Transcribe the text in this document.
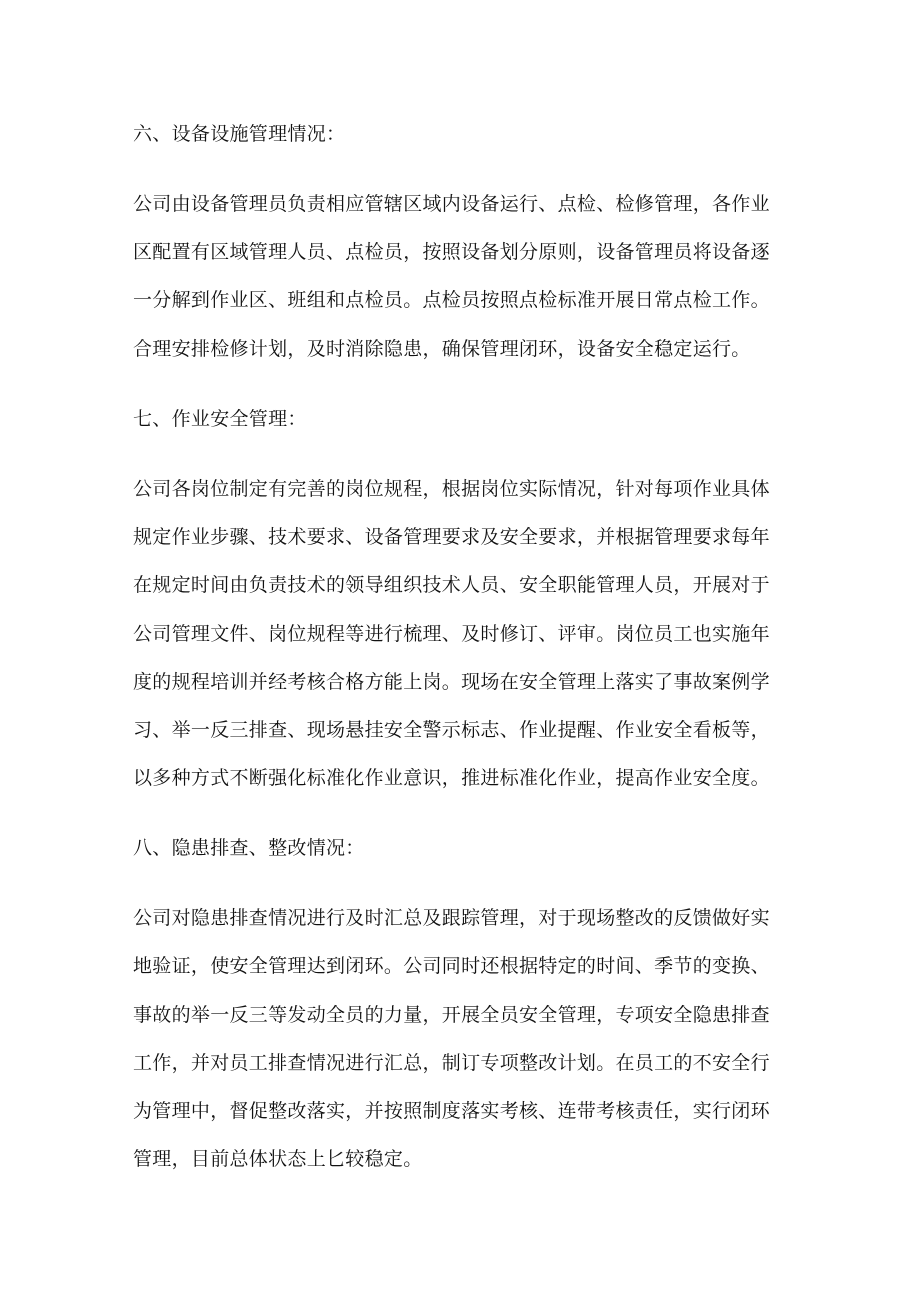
六、设备设施管理情况：
公司由设备管理员负责相应管辖区域内设备运行、点检、检修管理，各作业
区配置有区域管理人员、点检员，按照设备划分原则，设备管理员将设备逐
一分解到作业区、班组和点检员。点检员按照点检标准开展日常点检工作。
合理安排检修计划，及时消除隐患，确保管理闭环，设备安全稳定运行。
七、作业安全管理：
公司各岗位制定有完善的岗位规程，根据岗位实际情况，针对每项作业具体
规定作业步骤、技术要求、设备管理要求及安全要求，并根据管理要求每年
在规定时间由负责技术的领导组织技术人员、安全职能管理人员，开展对于
公司管理文件、岗位规程等进行梳理、及时修订、评审。岗位员工也实施年
度的规程培训并经考核合格方能上岗。现场在安全管理上落实了事故案例学
习、举一反三排查、现场悬挂安全警示标志、作业提醒、作业安全看板等，
以多种方式不断强化标准化作业意识，推进标准化作业，提高作业安全度。
八、隐患排查、整改情况：
公司对隐患排查情况进行及时汇总及跟踪管理，对于现场整改的反馈做好实
地验证，使安全管理达到闭环。公司同时还根据特定的时间、季节的变换、
事故的举一反三等发动全员的力量，开展全员安全管理，专项安全隐患排查
工作，并对员工排查情况进行汇总，制订专项整改计划。在员工的不安全行
为管理中，督促整改落实，并按照制度落实考核、连带考核责任，实行闭环
管理，目前总体状态上匕较稳定。
